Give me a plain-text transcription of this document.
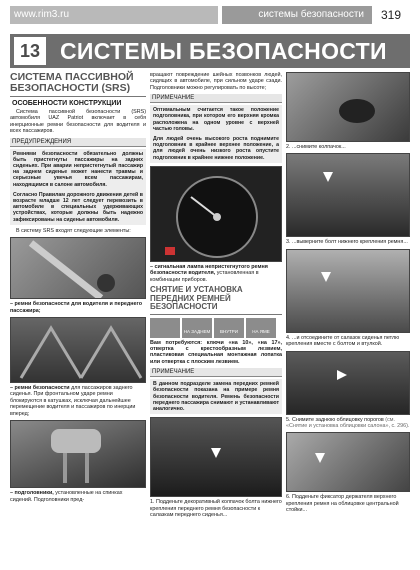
www.rim3.ru	системы безопасности	319
13 СИСТЕМЫ БЕЗОПАСНОСТИ
СИСТЕМА ПАССИВНОЙ БЕЗОПАСНОСТИ (SRS)
ОСОБЕННОСТИ КОНСТРУКЦИИ

Система пассивной безопасности (SRS) автомобиля UAZ Patriot включает в себя инерционные ремни безопасности для водителя и всех пассажиров.

ПРЕДУПРЕЖДЕНИЯ
Ремнями безопасности обязательно должны быть пристегнуты пассажиры на задних сиденьях. При аварии непристегнутый пассажир на заднем сиденье может нанести травмы и серьезные увечья всем пассажирам, находящимся в салоне автомобиля.
Согласно Правилам дорожного движения детей в возрасте младше 12 лет следует перевозить в автомобиле в специальных удерживающих устройствах, которые должны быть надежно зафиксированы на сиденье автомобиля.

В систему SRS входят следующие элементы:

– ремни безопасности для водителя и переднего пассажира;
– ремни безопасности для пассажиров заднего сиденья. При фронтальном ударе ремни блокируются в катушках, исключая дальнейшее перемещение водителя и пассажиров по инерции вперед;
– подголовники, установленные на спинках сидений. Подголовники пред-

вращают повреждение шейных позвонков людей, сидящих в автомобиле, при сильном ударе сзади. Подголовники можно регулировать по высоте;

ПРИМЕЧАНИЕ
Оптимальным считается такое положение подголовника, при котором его верхняя кромка расположена на одном уровне с верхней частью головы.
Для людей очень высокого роста поднимите подголовник в крайнее верхнее положение, а для людей очень низкого роста опустите подголовник в крайнее нижнее положение.
– сигнальная лампа непристегнутого ремня безопасности водителя, установленная в комбинации приборов.
СНЯТИЕ И УСТАНОВКА ПЕРЕДНИХ РЕМНЕЙ БЕЗОПАСНОСТИ

НА ЗАДНЕМ	ВНУТРИ	НА ЯМЕ

Вам потребуются: ключи «на 10», «на 17», отвертка с крестообразным лезвием, пластиковая специальная монтажная лопатка или отвертка с плоским лезвием.

ПРИМЕЧАНИЕ
В данном подразделе замена передних ремней безопасности показана на примере ремня безопасности водителя. Ремень безопасности переднего пассажира снимают и устанавливают аналогично.
1. Подденьте декоративный колпачок болта нижнего крепления переднего ремня безопасности к салазкам переднего сиденья...
2. ...снимите колпачок...
3. ...выверните болт нижнего крепления ремня...
4. ...и отсоедините от салазок сиденья петлю крепления вместе с болтом и втулкой.
5. Снимите заднюю облицовку порогов (см. «Снятие и установка облицовки салона», с. 296).
6. Подденьте фиксатор держателя верхнего крепления ремня на облицовке центральной стойки...
